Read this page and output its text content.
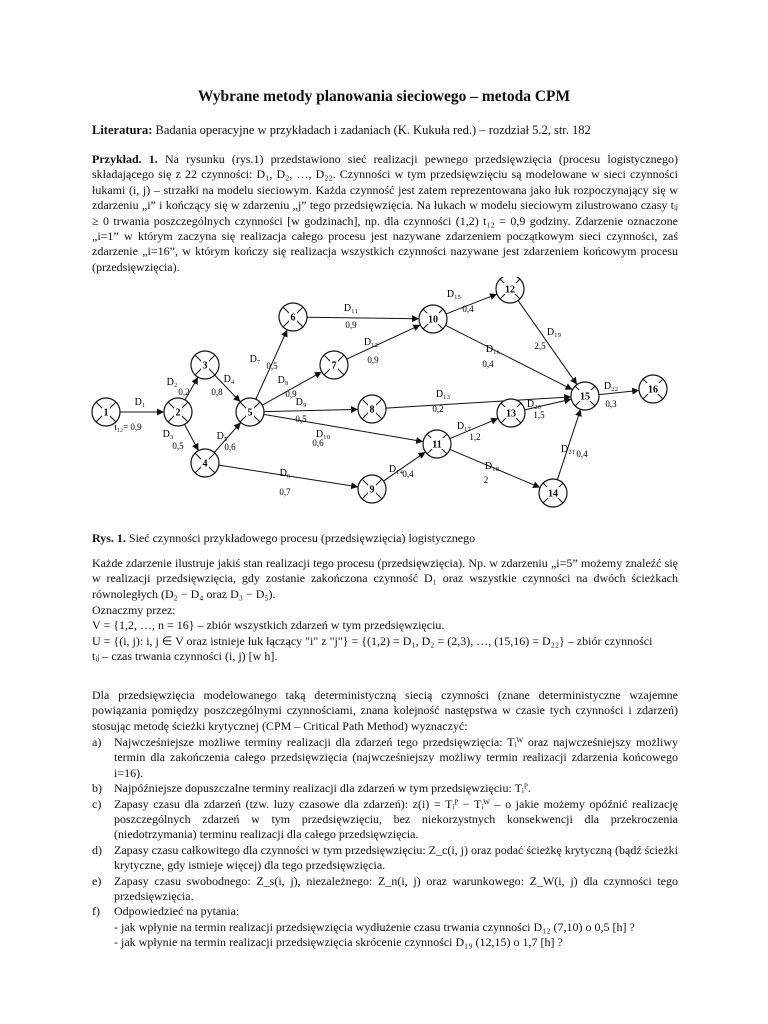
Wybrane metody planowania sieciowego – metoda CPM
Literatura: Badania operacyjne w przykładach i zadaniach (K. Kukuła red.) – rozdział 5.2, str. 182
Przykład. 1. Na rysunku (rys.1) przedstawiono sieć realizacji pewnego przedsięwzięcia (procesu logistycznego) składającego się z 22 czynności: D₁, D₂, …, D₂₂. Czynności w tym przedsięwzięciu są modelowane w sieci czynności łukami (i, j) – strzałki na modelu sieciowym. Każda czynność jest zatem reprezentowana jako łuk rozpoczynający się w zdarzeniu „i” i kończący się w zdarzeniu „j” tego przedsięwzięcia. Na łukach w modelu sieciowym zilustrowano czasy tᵢⱼ ≥ 0 trwania poszczególnych czynności [w godzinach], np. dla czynności (1,2) t₁₂ = 0,9 godziny. Zdarzenie oznaczone „i=1” w którym zaczyna się realizacja całego procesu jest nazywane zdarzeniem początkowym sieci czynności, zaś zdarzenie „i=16”, w którym kończy się realizacja wszystkich czynności nazywane jest zdarzeniem końcowym procesu (przedsięwzięcia).
D₁
t₁₂= 0,9
D₂
0,2
D₃
0,5
D₄
0,8
D₅
0,6
D₇
0,5
D₈
0,9
D₉
0,5
D₁₀
0,6
D₆
0,7
D₁₁
0,9
D₁₂
0,9
D₁₃
0,2
D₁₄ 0,4
D₁₅
0,4
D₁₆
0,4
D₁₇
1,2
D₁₈
2
D₁₉
2,5
D₂₀
1,5
D₂₁ 0,4
D₂₂
0,3
1	2
3
4
5
6
7
8
9
10
11
12
13
14
15
16
Rys. 1. Sieć czynności przykładowego procesu (przedsięwzięcia) logistycznego
Każde zdarzenie ilustruje jakiś stan realizacji tego procesu (przedsięwzięcia). Np. w zdarzeniu „i=5” możemy znaleźć się w realizacji przedsięwzięcia, gdy zostanie zakończona czynność D₁ oraz wszystkie czynności na dwóch ścieżkach równoległych (D₂ − D₄ oraz D₃ − D₅).
Oznaczmy przez:
V = {1,2, …, n = 16} – zbiór wszystkich zdarzeń w tym przedsięwzięciu.
U = {(i, j): i, j ∈ V oraz istnieje łuk łączący "i" z "j"} = {(1,2) = D₁, D₂ = (2,3), …, (15,16) = D₂₂} – zbiór czynności
tᵢⱼ – czas trwania czynności (i, j) [w h].
Dla przedsięwzięcia modelowanego taką deterministyczną siecią czynności (znane deterministyczne wzajemne powiązania pomiędzy poszczególnymi czynnościami, znana kolejność następstwa w czasie tych czynności i zdarzeń) stosując metodę ścieżki krytycznej (CPM – Critical Path Method) wyznaczyć:
a)	Najwcześniejsze możliwe terminy realizacji dla zdarzeń tego przedsięwzięcia: Tᵢᵂ oraz najwcześniejszy możliwy termin dla zakończenia całego przedsięwzięcia (najwcześniejszy możliwy termin realizacji zdarzenia końcowego i=16).
b)	Najpóźniejsze dopuszczalne terminy realizacji dla zdarzeń w tym przedsięwzięciu: Tᵢᴾ.
c)	Zapasy czasu dla zdarzeń (tzw. luzy czasowe dla zdarzeń): z(i) = Tᵢᴾ − Tᵢᵂ – o jakie możemy opóźnić realizację poszczególnych zdarzeń w tym przedsięwzięciu, bez niekorzystnych konsekwencji dla przekroczenia (niedotrzymania) terminu realizacji dla całego przedsięwzięcia.
d)	Zapasy czasu całkowitego dla czynności w tym przedsięwzięciu: Z_c(i, j) oraz podać ścieżkę krytyczną (bądź ścieżki krytyczne, gdy istnieje więcej) dla tego przedsięwzięcia.
e)	Zapasy czasu swobodnego: Z_s(i, j), niezależnego: Z_n(i, j) oraz warunkowego: Z_W(i, j) dla czynności tego przedsięwzięcia.
f)	Odpowiedzieć na pytania:
- jak wpłynie na termin realizacji przedsięwzięcia wydłużenie czasu trwania czynności D₁₂ (7,10) o 0,5 [h] ?
- jak wpłynie na termin realizacji przedsięwzięcia skrócenie czynności D₁₉ (12,15) o 1,7 [h] ?
